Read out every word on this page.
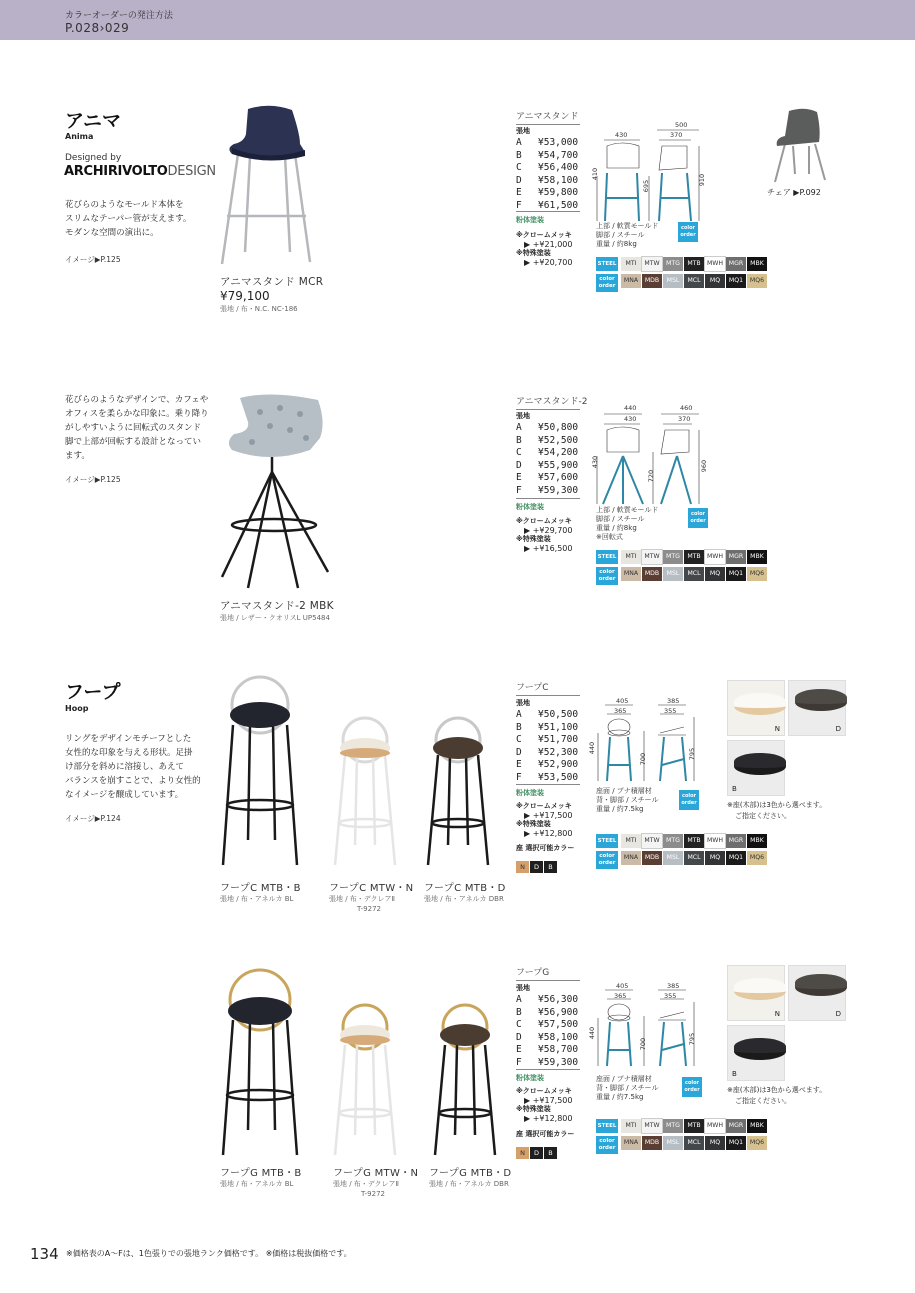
カラーオーダーの発注方法
P.028›029
アニマ
Anima
Designed by
ARCHIRIVOLTODESIGN
花びらのようなモールド本体を
スリムなテーパー管が支えます。
モダンな空間の演出に。
イメージ▶P.125
アニマスタンド MCR
¥79,100
張地 / 布・N.C. NC-186
アニマスタンド
張地
A	¥53,000
B	¥54,700
C	¥56,400
D	¥58,100
E	¥59,800
F	¥61,500
粉体塗装
※クロームメッキ
▶ +¥21,000
※特殊塗装
▶ +¥20,700
430
500
370
410
695	910
color order
上部 / 軟質モールド
脚部 / スチール
重量 / 約8kg
チェア ▶P.092
STEEL MTI MTW MTG MTB MWH MGR MBK
color orderMNA MDB MSL MCL MQ MQ1 MQ6
花びらのようなデザインで、カフェや
オフィスを柔らかな印象に。乗り降り
がしやすいように回転式のスタンド
脚で上部が回転する設計となってい
ます。
イメージ▶P.125
アニマスタンド-2 MBK
張地 / レザー・クオリスL UP5484
アニマスタンド-2
張地
A	¥50,800
B	¥52,500
C	¥54,200
D	¥55,900
E	¥57,600
F	¥59,300
粉体塗装
※クロームメッキ
▶ +¥29,700
※特殊塗装
▶ +¥16,500
440
430
460
370
430
720
960
color order
上部 / 軟質モールド
脚部 / スチール
重量 / 約8kg
※回転式
STEEL MTI MTW MTG MTB MWH MGR MBK
color orderMNA MDB MSL MCL MQ MQ1 MQ6
フープ
Hoop
リングをデザインモチーフとした
女性的な印象を与える形状。足掛
け部分を斜めに溶接し、あえて
バランスを崩すことで、より女性的
なイメージを醸成しています。
イメージ▶P.124
フープC MTB・B
張地 / 布・アネルカ BL
フープC MTW・N
張地 / 布・デクレアⅡ
T-9272
フープC MTB・D
張地 / 布・アネルカ DBR
フープC
張地
A	¥50,500
B	¥51,100
C	¥51,700
D	¥52,300
E	¥52,900
F	¥53,500
粉体塗装
※クロームメッキ
▶ +¥17,500
※特殊塗装
▶ +¥12,800
座 選択可能カラー
N D B
405
365
385
355
440
700	795
color order
座面 / ブナ積層材
背・脚部 / スチール
重量 / 約7.5kg
STEEL MTI MTW MTG MTB MWH MGR MBK
color orderMNA MDB MSL MCL MQ MQ1 MQ6
N	D
B
※座(木部)は3色から選べます。
ご指定ください。
フープG MTB・B
張地 / 布・アネルカ BL
フープG MTW・N
張地 / 布・デクレアⅡ
T-9272
フープG MTB・D
張地 / 布・アネルカ DBR
フープG
張地
A	¥56,300
B	¥56,900
C	¥57,500
D	¥58,100
E	¥58,700
F	¥59,300
粉体塗装
※クロームメッキ
▶ +¥17,500
※特殊塗装
▶ +¥12,800
座 選択可能カラー
N D B
405
365
385
355
440
700	795
color order
座面 / ブナ積層材
背・脚部 / スチール
重量 / 約7.5kg
STEEL MTI MTW MTG MTB MWH MGR MBK
color orderMNA MDB MSL MCL MQ MQ1 MQ6
N	D
B
※座(木部)は3色から選べます。
ご指定ください。
134 ※価格表のA～Fは、1色張りでの張地ランク価格です。 ※価格は税抜価格です。
